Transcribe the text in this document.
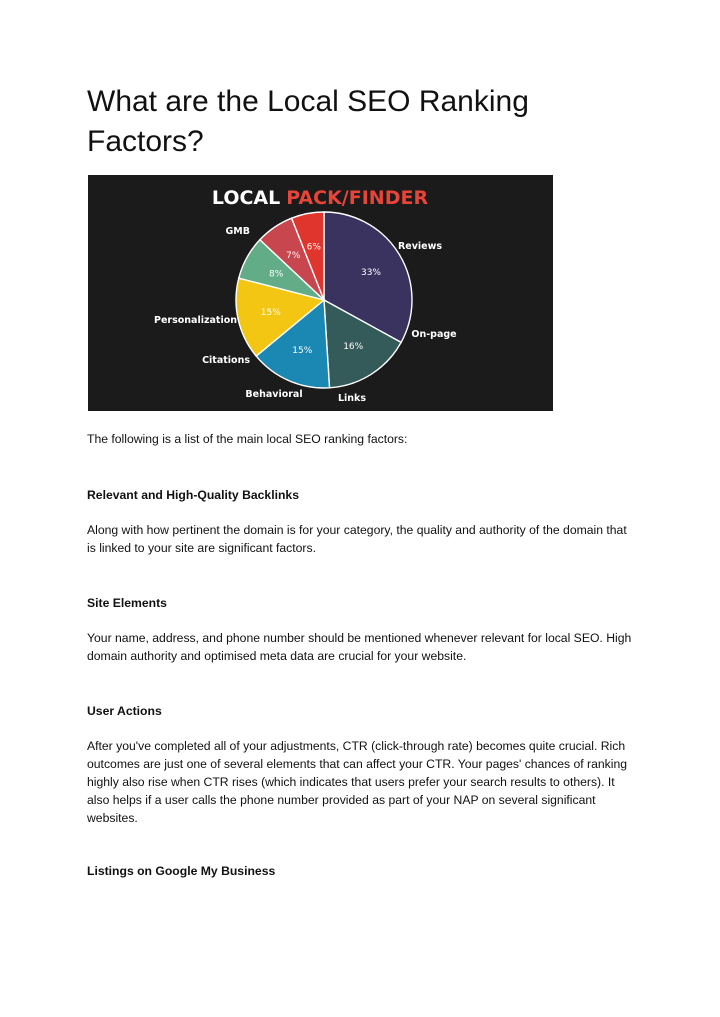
What are the Local SEO Ranking Factors?
LOCAL PACK/FINDER
33%
16%
15%
15%
8%
7%
6%
GMB
Reviews
On-page
Links
Behavioral
Citations
Personalization

The following is a list of the main local SEO ranking factors:

Relevant and High-Quality Backlinks

Along with how pertinent the domain is for your category, the quality and authority of the domain that is linked to your site are significant factors.

Site Elements

Your name, address, and phone number should be mentioned whenever relevant for local SEO. High domain authority and optimised meta data are crucial for your website.

User Actions

After you've completed all of your adjustments, CTR (click-through rate) becomes quite crucial. Rich outcomes are just one of several elements that can affect your CTR. Your pages' chances of ranking highly also rise when CTR rises (which indicates that users prefer your search results to others). It also helps if a user calls the phone number provided as part of your NAP on several significant websites.

Listings on Google My Business
